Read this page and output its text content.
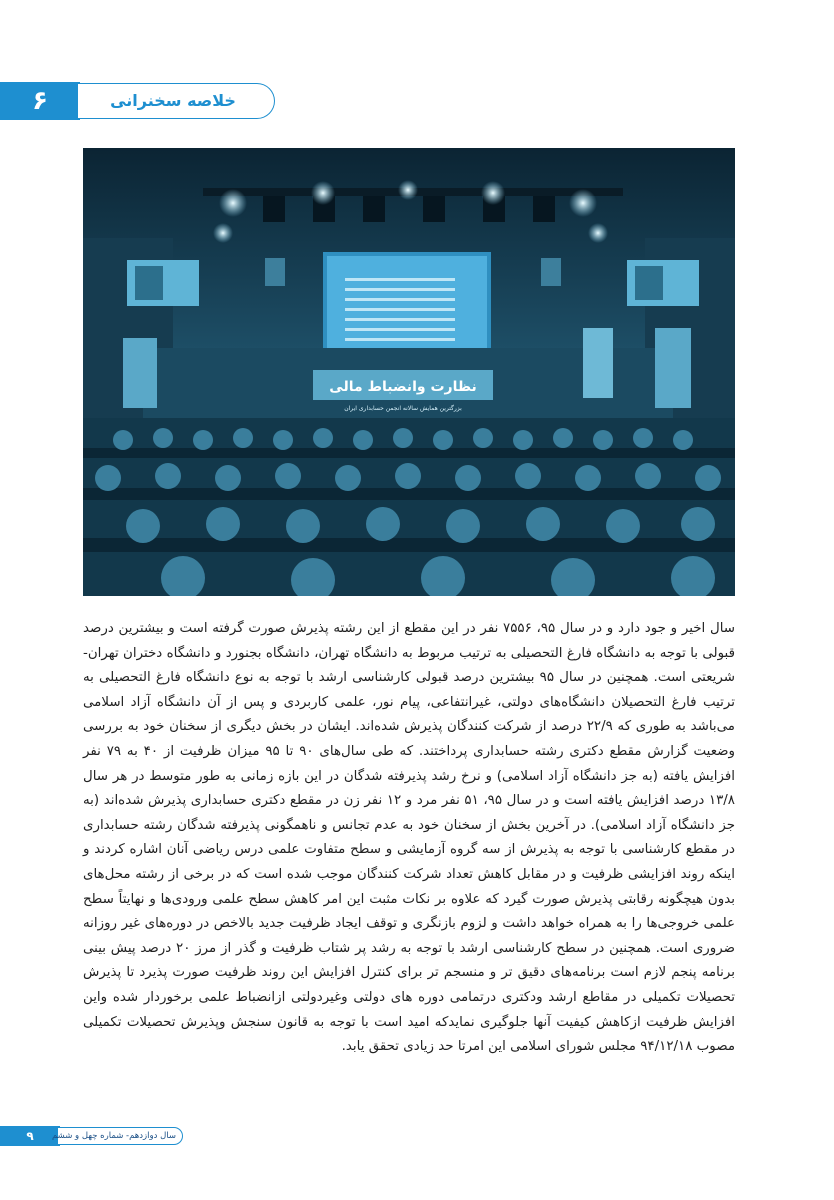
۶	خلاصه سخنرانی
نظارت وانضباط مالی
بزرگترین همایش سالانه انجمن حسابداری ایران

سال اخیر و جود دارد و در سال ۹۵، ۷۵۵۶ نفر در این مقطع از این رشته پذیرش صورت گرفته است و بیشترین درصد قبولی با توجه به دانشگاه فارغ التحصیلی به ترتیب مربوط به دانشگاه تهران، دانشگاه بجنورد و دانشگاه دختران تهران- شریعتی است. همچنین در سال ۹۵ بیشترین درصد قبولی کارشناسی ارشد با توجه به نوع دانشگاه فارغ التحصیلی به ترتیب فارغ التحصیلان دانشگاه‌های دولتی، غیرانتفاعی، پیام نور، علمی کاربردی و پس از آن دانشگاه آزاد اسلامی می‌باشد به طوری که ۲۲/۹ درصد از شرکت کنندگان پذیرش شده‌اند. ایشان در بخش دیگری از سخنان خود به بررسی وضعیت گزارش مقطع دکتری رشته حسابداری پرداختند. که طی سال‌های ۹۰ تا ۹۵ میزان ظرفیت از ۴۰ به ۷۹ نفر افزایش یافته (به جز دانشگاه آزاد اسلامی) و نرخ رشد پذیرفته شدگان در این بازه زمانی به طور متوسط در هر سال ۱۳/۸ درصد افزایش یافته است و در سال ۹۵، ۵۱ نفر مرد و ۱۲ نفر زن در مقطع دکتری حسابداری پذیرش شده‌اند (به جز دانشگاه آزاد اسلامی). در آخرین بخش از سخنان خود به عدم تجانس و ناهمگونی پذیرفته شدگان رشته حسابداری در مقطع کارشناسی با توجه به پذیرش از سه گروه آزمایشی و سطح متفاوت علمی درس ریاضی آنان اشاره کردند و اینکه روند افزایشی ظرفیت و در مقابل کاهش تعداد شرکت کنندگان موجب شده است که در برخی از رشته محل‌های بدون هیچگونه رقابتی پذیرش صورت گیرد که علاوه بر نکات مثبت این امر کاهش سطح علمی ورودی‌ها و نهایتاً سطح علمی خروجی‌ها را به همراه خواهد داشت و لزوم بازنگری و توقف ایجاد ظرفیت جدید بالاخص در دوره‌های غیر روزانه ضروری است. همچنین در سطح کارشناسی ارشد با توجه به رشد پر شتاب ظرفیت و گذر از مرز ۲۰ درصد پیش بینی برنامه پنجم لازم است برنامه‌های دقیق تر و منسجم تر برای کنترل افزایش این روند ظرفیت صورت پذیرد تا پذیرش تحصیلات تکمیلی در مقاطع ارشد ودکتری درتمامی دوره های دولتی وغیردولتی ازانضباط علمی برخوردار شده واین افزایش ظرفیت ازکاهش کیفیت آنها جلوگیری نمایدکه امید است با توجه به قانون سنجش وپذیرش تحصیلات تکمیلی مصوب ۹۴/۱۲/۱۸ مجلس شورای اسلامی این امرتا حد زیادی تحقق یابد.

۹	سال دوازدهم- شماره چهل و ششم
